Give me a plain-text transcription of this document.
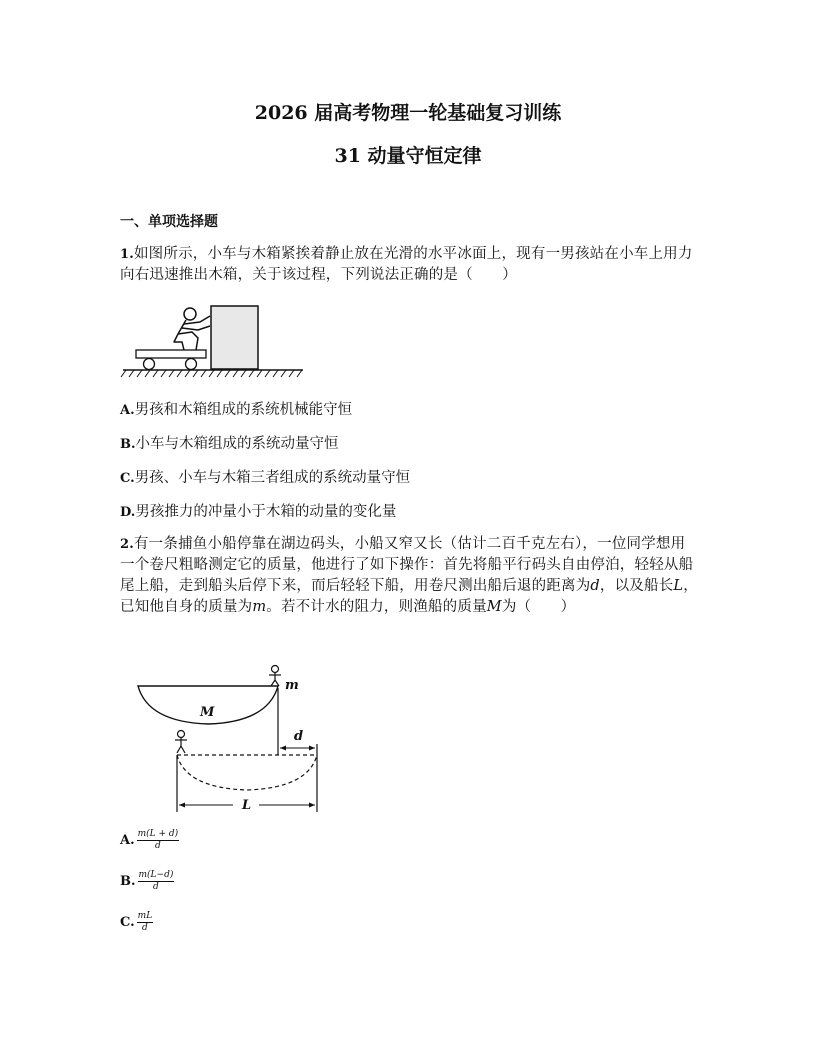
2026 届高考物理一轮基础复习训练
31 动量守恒定律
一、单项选择题
1.如图所示，小车与木箱紧挨着静止放在光滑的水平冰面上，现有一男孩站在小车上用力向右迅速推出木箱，关于该过程，下列说法正确的是（　　）
A.男孩和木箱组成的系统机械能守恒
B.小车与木箱组成的系统动量守恒
C.男孩、小车与木箱三者组成的系统动量守恒
D.男孩推力的冲量小于木箱的动量的变化量
2.有一条捕鱼小船停靠在湖边码头，小船又窄又长（估计二百千克左右），一位同学想用一个卷尺粗略测定它的质量，他进行了如下操作：首先将船平行码头自由停泊，轻轻从船尾上船，走到船头后停下来，而后轻轻下船，用卷尺测出船后退的距离为d，以及船长L，已知他自身的质量为m。若不计水的阻力，则渔船的质量M为（　　）
M
m
d
L
A. $\frac{m(L + d)}{d}$
B. $\frac{m(L-d)}{d}$
C. $\frac{mL}{d}$
